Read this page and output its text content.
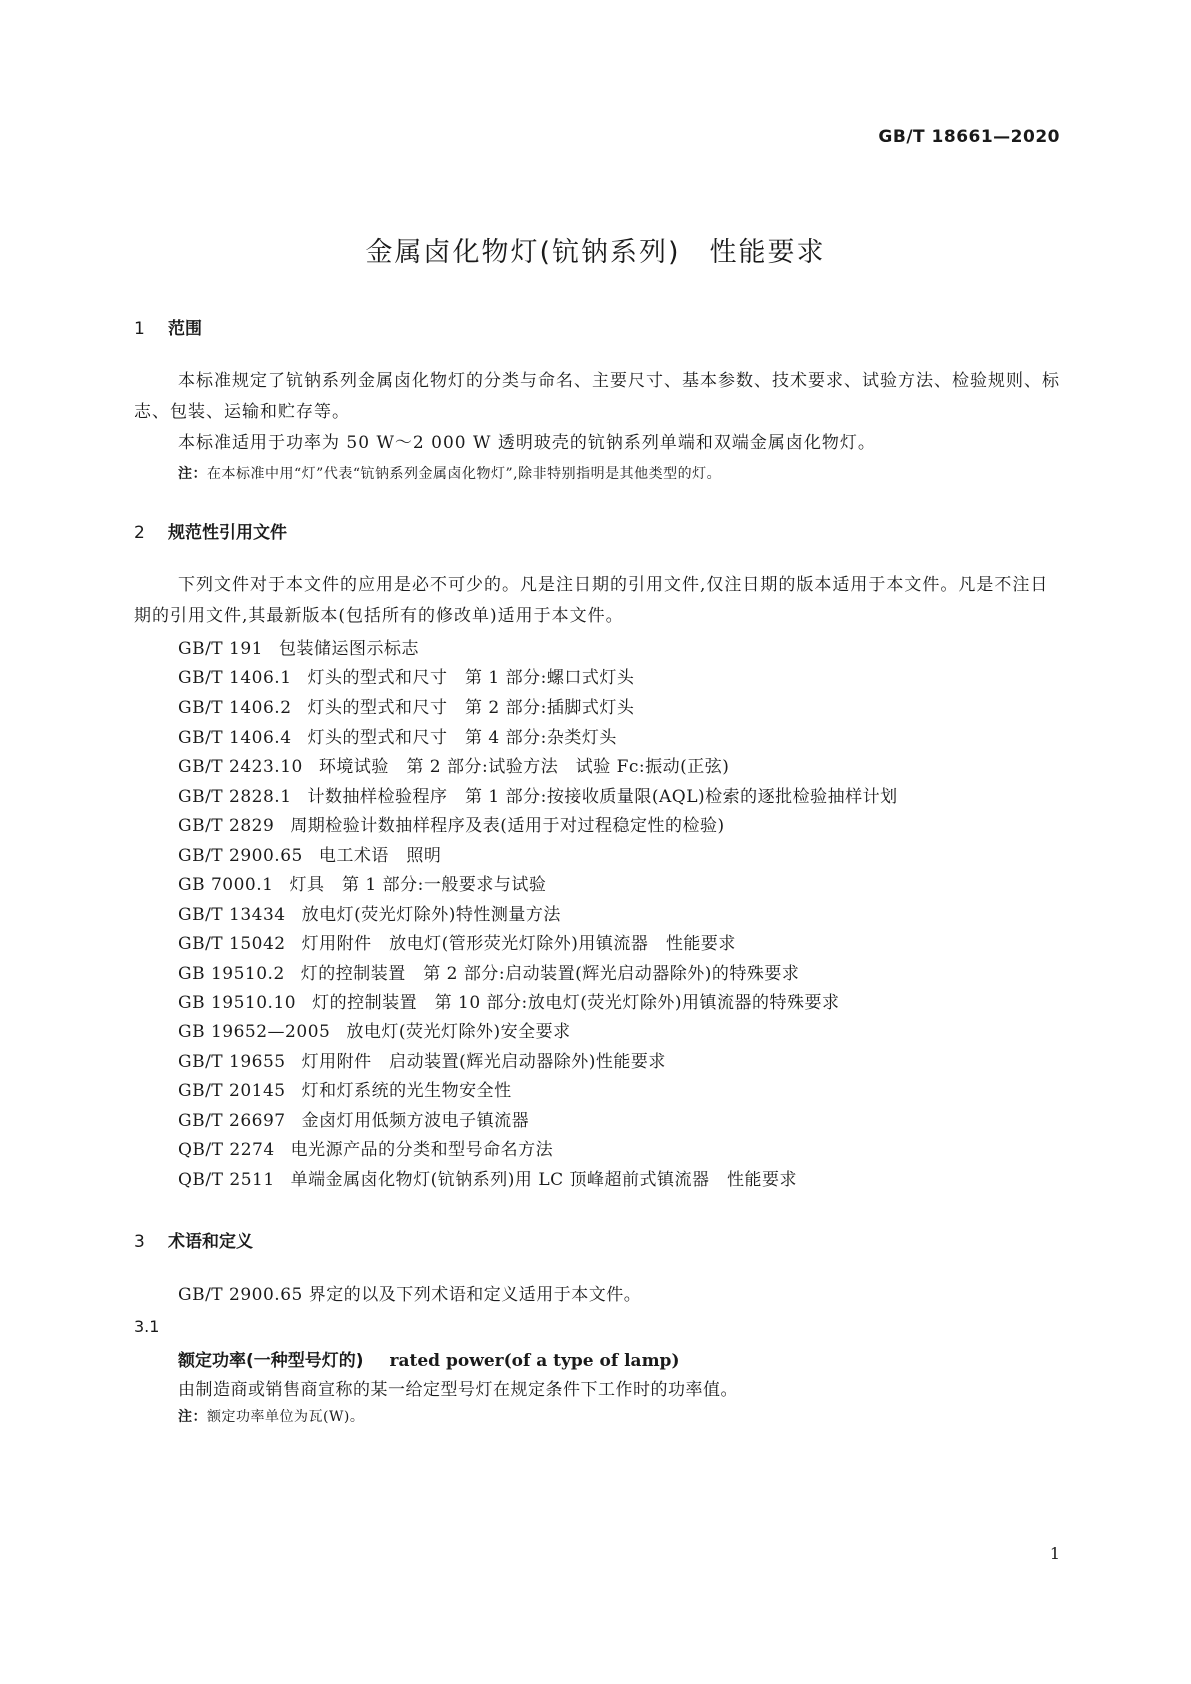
GB/T 18661—2020
金属卤化物灯(钪钠系列)　性能要求
1 范围
本标准规定了钪钠系列金属卤化物灯的分类与命名、主要尺寸、基本参数、技术要求、试验方法、检验规则、标志、包装、运输和贮存等。
本标准适用于功率为 50 W～2 000 W 透明玻壳的钪钠系列单端和双端金属卤化物灯。
注：在本标准中用“灯”代表“钪钠系列金属卤化物灯”,除非特别指明是其他类型的灯。
2 规范性引用文件
下列文件对于本文件的应用是必不可少的。凡是注日期的引用文件,仅注日期的版本适用于本文件。凡是不注日期的引用文件,其最新版本(包括所有的修改单)适用于本文件。
GB/T 191 包装储运图示标志
GB/T 1406.1 灯头的型式和尺寸　第 1 部分:螺口式灯头
GB/T 1406.2 灯头的型式和尺寸　第 2 部分:插脚式灯头
GB/T 1406.4 灯头的型式和尺寸　第 4 部分:杂类灯头
GB/T 2423.10 环境试验　第 2 部分:试验方法　试验 Fc:振动(正弦)
GB/T 2828.1 计数抽样检验程序　第 1 部分:按接收质量限(AQL)检索的逐批检验抽样计划
GB/T 2829 周期检验计数抽样程序及表(适用于对过程稳定性的检验)
GB/T 2900.65 电工术语　照明
GB 7000.1 灯具　第 1 部分:一般要求与试验
GB/T 13434 放电灯(荧光灯除外)特性测量方法
GB/T 15042 灯用附件　放电灯(管形荧光灯除外)用镇流器　性能要求
GB 19510.2 灯的控制装置　第 2 部分:启动装置(辉光启动器除外)的特殊要求
GB 19510.10 灯的控制装置　第 10 部分:放电灯(荧光灯除外)用镇流器的特殊要求
GB 19652—2005 放电灯(荧光灯除外)安全要求
GB/T 19655 灯用附件　启动装置(辉光启动器除外)性能要求
GB/T 20145 灯和灯系统的光生物安全性
GB/T 26697 金卤灯用低频方波电子镇流器
QB/T 2274 电光源产品的分类和型号命名方法
QB/T 2511 单端金属卤化物灯(钪钠系列)用 LC 顶峰超前式镇流器　性能要求
3 术语和定义
GB/T 2900.65 界定的以及下列术语和定义适用于本文件。
3.1
额定功率(一种型号灯的) rated power(of a type of lamp)
由制造商或销售商宣称的某一给定型号灯在规定条件下工作时的功率值。
注：额定功率单位为瓦(W)。
1
